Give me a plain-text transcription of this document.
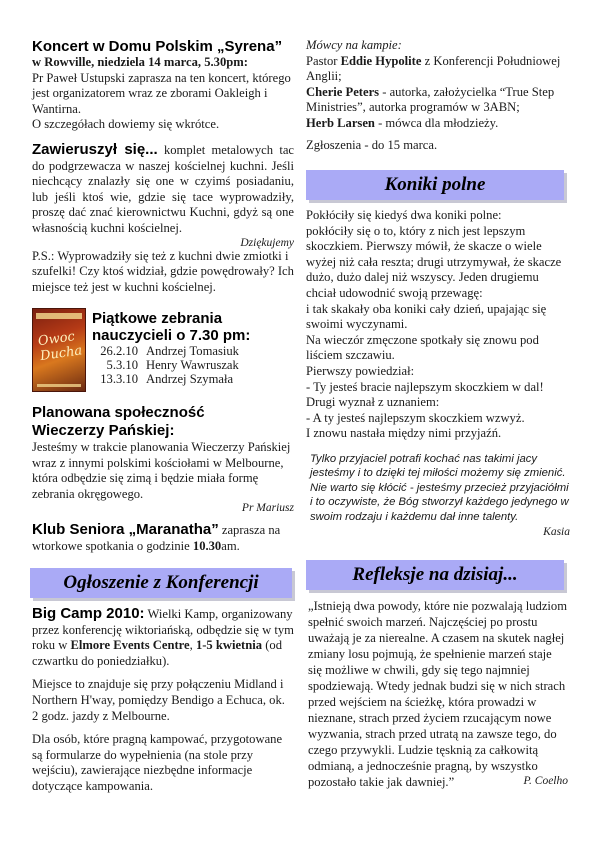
Koncert w Domu Polskim „Syrena”
w Rowville, niedziela 14 marca, 5.30pm:

Pr Paweł Ustupski zaprasza na ten koncert, którego jest organizatorem wraz ze zborami Oakleigh i Wantirna.

O szczegółach dowiemy się wkrótce.

Zawieruszył się... komplet metalowych tac do podgrzewacza w naszej kościelnej kuchni. Jeśli niechcący znalazły się one w czyimś posiadaniu, lub jeśli ktoś wie, gdzie się tace wyprowadziły, proszę dać znać kierownictwu Kuchni, gdyż są one własnością kuchni kościelnej.

Dziękujemy

P.S.: Wyprowadziły się też z kuchni dwie zmiotki i szufelki! Czy ktoś widział, gdzie powędrowały? Ich miejsce też jest w kuchni kościelnej.

Owoc Ducha
Piątkowe zebrania
nauczycieli o 7.30 pm:
26.2.10 Andrzej Tomasiuk
5.3.10 Henry Wawruszak
13.3.10 Andrzej Szymała
Planowana społeczność
Wieczerzy Pańskiej:

Jesteśmy w trakcie planowania Wieczerzy Pańskiej wraz z innymi polskimi kościołami w Melbourne, która odbędzie się zimą i będzie miała formę zebrania okręgowego.

Pr Mariusz

Klub Seniora „Maranatha” zaprasza na wtorkowe spotkania o godzinie 10.30am.

Ogłoszenie z Konferencji

Big Camp 2010: Wielki Kamp, organizowany przez konferencję wiktoriańską, odbędzie się w tym roku w Elmore Events Centre, 1-5 kwietnia (od czwartku do poniedziałku).

Miejsce to znajduje się przy połączeniu Midland i Northern H'way, pomiędzy Bendigo a Echuca, ok. 2 godz. jazdy z Melbourne.

Dla osób, które pragną kampować, przygotowane są formularze do wypełnienia (na stole przy wejściu), zawierające niezbędne informacje dotyczące kampowania.

Mówcy na kampie:

Pastor Eddie Hypolite z Konferencji Południowej Anglii;

Cherie Peters - autorka, założycielka “True Step Ministries”, autorka programów w 3ABN;

Herb Larsen - mówca dla młodzieży.

Zgłoszenia - do 15 marca.

Koniki polne

Pokłóciły się kiedyś dwa koniki polne:

pokłóciły się o to, który z nich jest lepszym skoczkiem. Pierwszy mówił, że skacze o wiele wyżej niż cała reszta; drugi utrzymywał, że skacze dużo, dużo dalej niż wszyscy. Jeden drugiemu chciał udowodnić swoją przewagę:

i tak skakały oba koniki cały dzień, upajając się swoimi wyczynami.

Na wieczór zmęczone spotkały się znowu pod liściem szczawiu.

Pierwszy powiedział:

- Ty jesteś bracie najlepszym skoczkiem w dal!

Drugi wyznał z uznaniem:

- A ty jesteś najlepszym skoczkiem wzwyż.

I znowu nastała między nimi przyjaźń.

Tylko przyjaciel potrafi kochać nas takimi jacy jesteśmy i to dzięki tej miłości możemy się zmienić. Nie warto się kłócić - jesteśmy przecież przyjaciółmi i to oczywiste, że Bóg stworzył każdego jedynego w swoim rodzaju i każdemu dał inne talenty.

Kasia
Refleksje na dzisiaj...

„Istnieją dwa powody, które nie pozwalają ludziom spełnić swoich marzeń. Najczęściej po prostu uważają je za nierealne. A czasem na skutek nagłej zmiany losu pojmują, że spełnienie marzeń staje się możliwe w chwili, gdy się tego najmniej spodziewają. Wtedy jednak budzi się w nich strach przed wejściem na ścieżkę, która prowadzi w nieznane, strach przed życiem rzucającym nowe wyzwania, strach przed utratą na zawsze tego, do czego przywykli. Ludzie tęsknią za całkowitą odmianą, a jednocześnie pragną, by wszystko pozostało takie jak dawniej.”	P. Coelho
